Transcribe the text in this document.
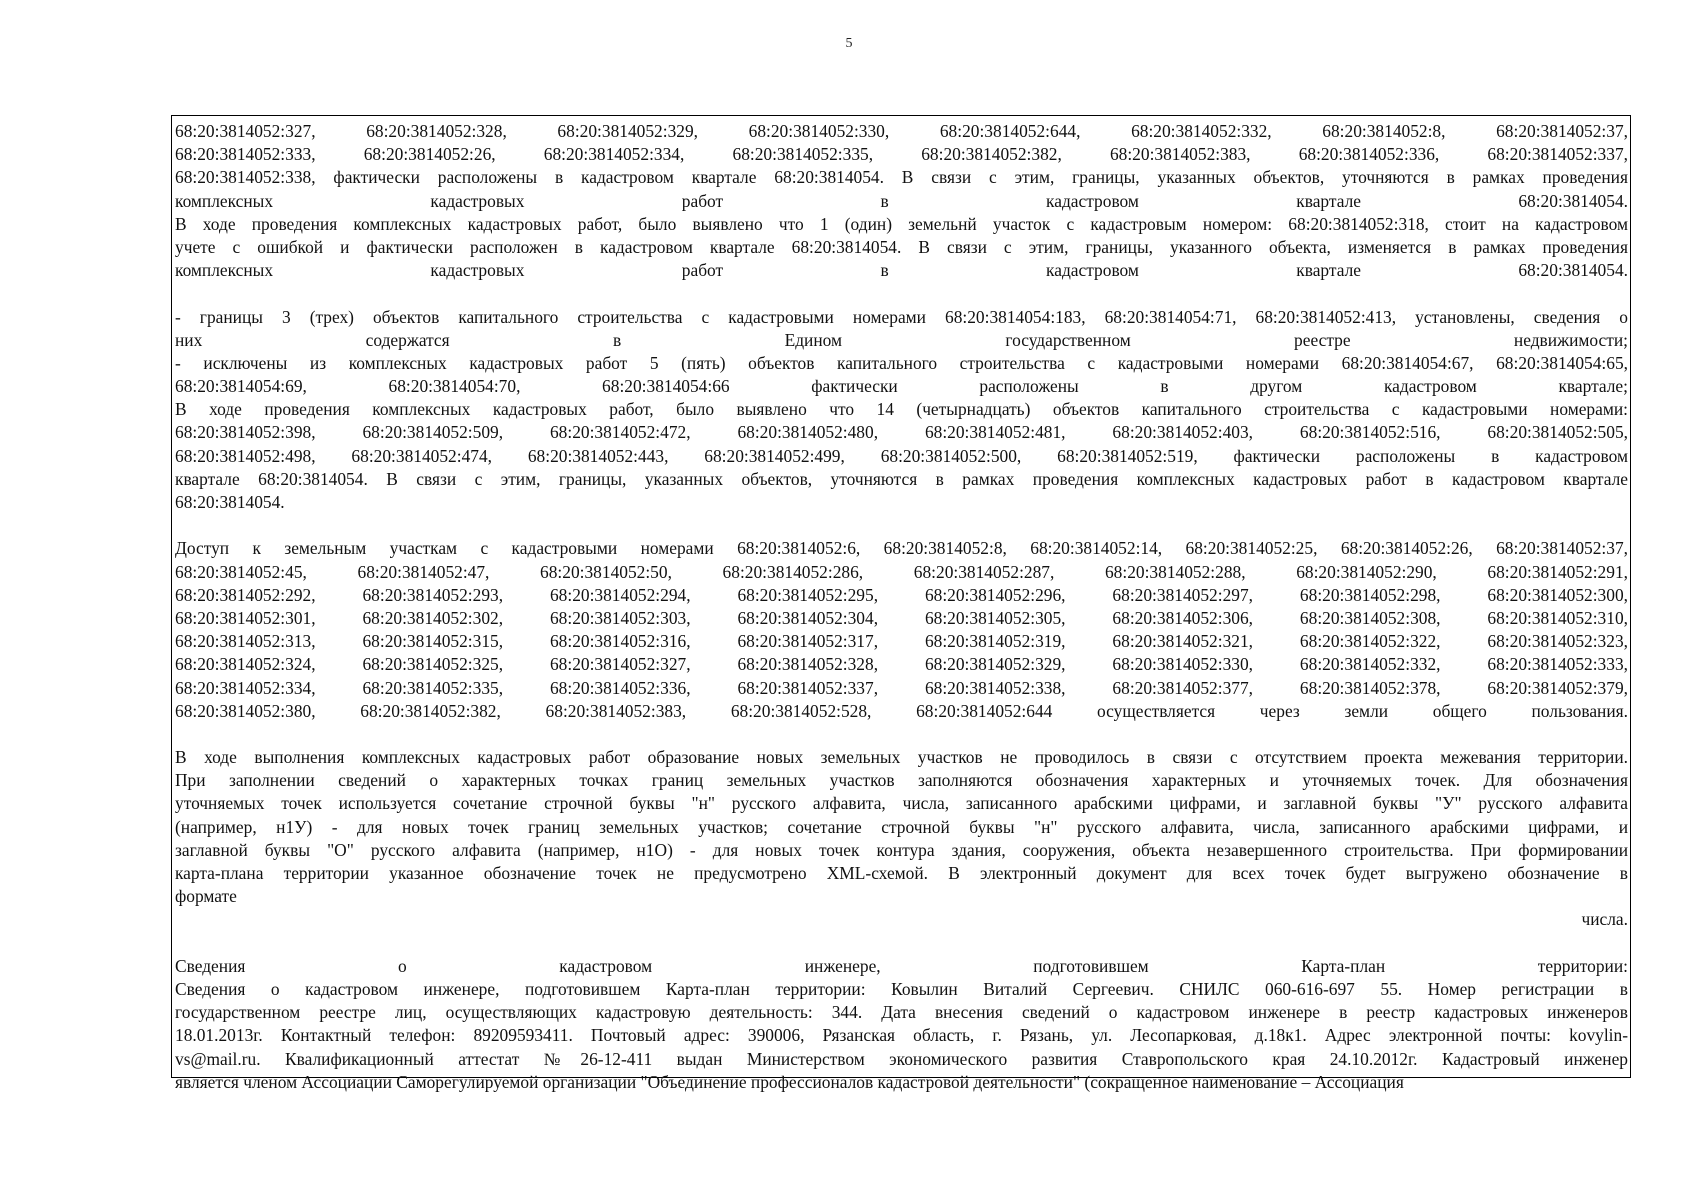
5
68:20:3814052:327, 68:20:3814052:328, 68:20:3814052:329, 68:20:3814052:330, 68:20:3814052:644, 68:20:3814052:332, 68:20:3814052:8, 68:20:3814052:37,
68:20:3814052:333, 68:20:3814052:26, 68:20:3814052:334, 68:20:3814052:335, 68:20:3814052:382, 68:20:3814052:383, 68:20:3814052:336, 68:20:3814052:337,
68:20:3814052:338, фактически расположены в кадастровом квартале 68:20:3814054. В связи с этим, границы, указанных объектов, уточняются в рамках проведения
комплексных кадастровых работ в кадастровом квартале 68:20:3814054.
В ходе проведения комплексных кадастровых работ, было выявлено что 1 (один) земельнй участок с кадастровым номером: 68:20:3814052:318, стоит на кадастровом
учете с ошибкой и фактически расположен в кадастровом квартале 68:20:3814054. В связи с этим, границы, указанного объекта, изменяется в рамках проведения
комплексных кадастровых работ в кадастровом квартале 68:20:3814054.

- границы 3 (трех) объектов капитального строительства с кадастровыми номерами 68:20:3814054:183, 68:20:3814054:71, 68:20:3814052:413, установлены, сведения о
них содержатся в Едином государственном реестре недвижимости;
- исключены из комплексных кадастровых работ 5 (пять) объектов капитального строительства с кадастровыми номерами 68:20:3814054:67, 68:20:3814054:65,
68:20:3814054:69, 68:20:3814054:70, 68:20:3814054:66 фактически расположены в другом кадастровом квартале;
В ходе проведения комплексных кадастровых работ, было выявлено что 14 (четырнадцать) объектов капитального строительства с кадастровыми номерами:
68:20:3814052:398, 68:20:3814052:509, 68:20:3814052:472, 68:20:3814052:480, 68:20:3814052:481, 68:20:3814052:403, 68:20:3814052:516, 68:20:3814052:505,
68:20:3814052:498, 68:20:3814052:474, 68:20:3814052:443, 68:20:3814052:499, 68:20:3814052:500, 68:20:3814052:519, фактически расположены в кадастровом
квартале 68:20:3814054. В связи с этим, границы, указанных объектов, уточняются в рамках проведения комплексных кадастровых работ в кадастровом квартале
68:20:3814054.

Доступ к земельным участкам с кадастровыми номерами 68:20:3814052:6, 68:20:3814052:8, 68:20:3814052:14, 68:20:3814052:25, 68:20:3814052:26, 68:20:3814052:37,
68:20:3814052:45, 68:20:3814052:47, 68:20:3814052:50, 68:20:3814052:286, 68:20:3814052:287, 68:20:3814052:288, 68:20:3814052:290, 68:20:3814052:291,
68:20:3814052:292, 68:20:3814052:293, 68:20:3814052:294, 68:20:3814052:295, 68:20:3814052:296, 68:20:3814052:297, 68:20:3814052:298, 68:20:3814052:300,
68:20:3814052:301, 68:20:3814052:302, 68:20:3814052:303, 68:20:3814052:304, 68:20:3814052:305, 68:20:3814052:306, 68:20:3814052:308, 68:20:3814052:310,
68:20:3814052:313, 68:20:3814052:315, 68:20:3814052:316, 68:20:3814052:317, 68:20:3814052:319, 68:20:3814052:321, 68:20:3814052:322, 68:20:3814052:323,
68:20:3814052:324, 68:20:3814052:325, 68:20:3814052:327, 68:20:3814052:328, 68:20:3814052:329, 68:20:3814052:330, 68:20:3814052:332, 68:20:3814052:333,
68:20:3814052:334, 68:20:3814052:335, 68:20:3814052:336, 68:20:3814052:337, 68:20:3814052:338, 68:20:3814052:377, 68:20:3814052:378, 68:20:3814052:379,
68:20:3814052:380, 68:20:3814052:382, 68:20:3814052:383, 68:20:3814052:528, 68:20:3814052:644 осуществляется через земли общего пользования.

В ходе выполнения комплексных кадастровых работ образование новых земельных участков не проводилось в связи с отсутствием проекта межевания территории.
При заполнении сведений о характерных точках границ земельных участков заполняются обозначения характерных и уточняемых точек. Для обозначения
уточняемых точек используется сочетание строчной буквы "н" русского алфавита, числа, записанного арабскими цифрами, и заглавной буквы "У" русского алфавита
(например, н1У) - для новых точек границ земельных участков; сочетание строчной буквы "н" русского алфавита, числа, записанного арабскими цифрами, и
заглавной буквы "О" русского алфавита (например, н1О) - для новых точек контура здания, сооружения, объекта незавершенного строительства. При формировании
карта-плана территории указанное обозначение точек не предусмотрено XML-схемой. В электронный документ для всех точек будет выгружено обозначение в
формате
числа.

Сведения о кадастровом инженере, подготовившем Карта-план территории:
Сведения о кадастровом инженере, подготовившем Карта-план территории: Ковылин Виталий Сергеевич. СНИЛС 060-616-697 55. Номер регистрации в
государственном реестре лиц, осуществляющих кадастровую деятельность: 344. Дата внесения сведений о кадастровом инженере в реестр кадастровых инженеров
18.01.2013г. Контактный телефон: 89209593411. Почтовый адрес: 390006, Рязанская область, г. Рязань, ул. Лесопарковая, д.18к1. Адрес электронной почты: kovylin-
vs@mail.ru. Квалификационный аттестат №26-12-411 выдан Министерством экономического развития Ставропольского края 24.10.2012г. Кадастровый инженер
является членом Ассоциации Саморегулируемой организации "Объединение профессионалов кадастровой деятельности" (сокращенное наименование – Ассоциация
